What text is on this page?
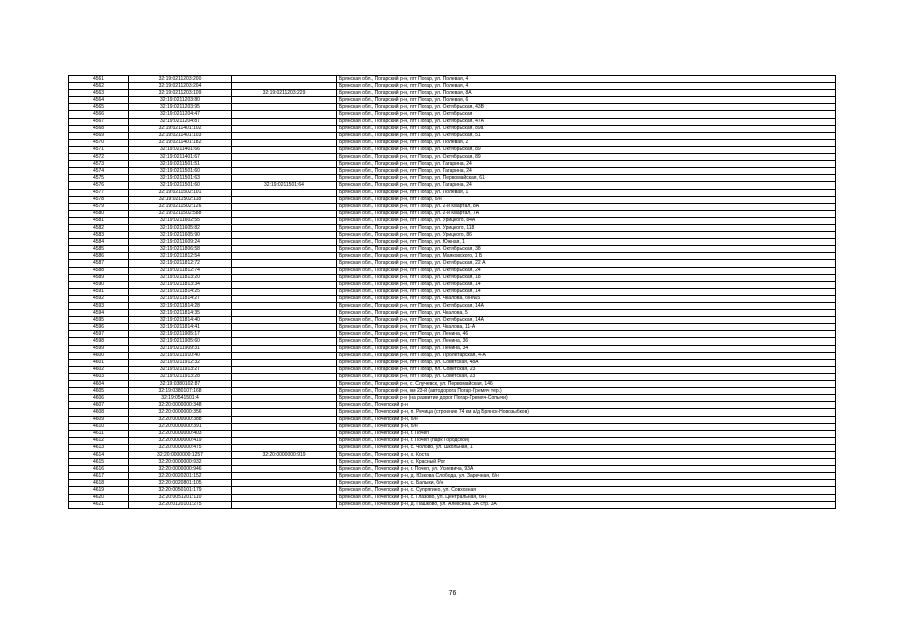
4561	32:19:0211203:200		Брянская обл., Погарский р-н, пгт Погар, ул. Полевая, 4
4562	32:19:0211203:204		Брянская обл., Погарский р-н, пгт Погар, ул. Полевая, 4
4563	32:19:0211203:109	32:19:0211203:229	Брянская обл., Погарский р-н, пгт Погар, ул. Полевая, 8А
4564	32:19:0211203:80		Брянская обл., Погарский р-н, пгт Погар, ул. Полевая, 6
4565	32:19:0211203:95		Брянская обл., Погарский р-н, пгт Погар, ул. Октябрьская, 43В
4566	32:19:0211204:47		Брянская обл., Погарский р-н, пгт Погар, ул. Октябрьская
4567	32:19:0211204:87		Брянская обл., Погарский р-н, пгт Погар, ул. Октябрьская, 47А
4568	32:19:0211401:102		Брянская обл., Погарский р-н, пгт Погар, ул. Октябрьская, 89а
4569	32:19:0211401:103		Брянская обл., Погарский р-н, пгт Погар, ул. Октябрьская, 51
4570	32:19:0211401:182		Брянская обл., Погарский р-н, пгт Погар, ул. Полевая, 2
4571	32:19:0211401:66		Брянская обл., Погарский р-н, пгт Погар, ул. Октябрьская, 89
4572	32:19:0211401:67		Брянская обл., Погарский р-н, пгт Погар, ул. Октябрьская, 89
4573	32:19:0211501:51		Брянская обл., Погарский р-н, пгт Погар, ул. Гагарина, 24
4574	32:19:0211501:60		Брянская обл., Погарский р-н, пгт Погар, ул. Гагарина, 24
4575	32:19:0211501:63		Брянская обл., Погарский р-н, пгт Погар, ул. Первомайская, 61
4576	32:19:0211501:60	32:19:0211501:64	Брянская обл., Погарский р-н, пгт Погар, ул. Гагарина, 24
4577	32:19:0211502:101		Брянская обл., Погарский р-н, пгт Погар, ул. Полевая, 1
4578	32:19:0211502:118		Брянская обл., Погарский р-н, пгт Погар, б/н
4579	32:19:0211502:126		Брянская обл., Погарский р-н, пгт Погар, ул. 2-й Квартал, 8А
4580	32:19:0211502:588		Брянская обл., Погарский р-н, пгт Погар, ул. 2-й Квартал, 7А
4581	32:19:0211602:55		Брянская обл., Погарский р-н, пгт Погар, ул. Урицкого, 84А
4582	32:19:0211605:82		Брянская обл., Погарский р-н, пгт Погар, ул. Урицкого, 118
4583	32:19:0211605:90		Брянская обл., Погарский р-н, пгт Погар, ул. Урицкого, 86
4584	32:19:0211609:24		Брянская обл., Погарский р-н, пгт Погар, ул. Южная, 1
4585	32:19:0211806:58		Брянская обл., Погарский р-н, пгт Погар, ул. Октябрьская, 38
4586	32:19:0211812:54		Брянская обл., Погарский р-н, пгт Погар, ул. Маяковского, 1 Б
4587	32:19:0211812:72		Брянская обл., Погарский р-н, пгт Погар, ул. Октябрьская, 22 А
4588	32:19:0211812:74		Брянская обл., Погарский р-н, пгт Погар, ул. Октябрьская, 24
4589	32:19:0211813:20		Брянская обл., Погарский р-н, пгт Погар, ул. Октябрьская, 18
4590	32:19:0211813:34		Брянская обл., Погарский р-н, пгт Погар, ул. Октябрьская, 14
4591	32:19:0211814:25		Брянская обл., Погарский р-н, пгт Погар, ул. Октябрьская, 14
4592	32:19:0211814:27		Брянская обл., Погарский р-н, пгт Погар, ул. Чкалова, б/н№5
4593	32:19:0211814:28		Брянская обл., Погарский р-н, пгт Погар, ул. Октябрьская, 14А
4594	32:19:0211814:35		Брянская обл., Погарский р-н, пгт Погар, ул. Чкалова, 5
4595	32:19:0211814:40		Брянская обл., Погарский р-н, пгт Погар, ул. Октябрьская, 14А
4596	32:19:0211814:41		Брянская обл., Погарский р-н, пгт Погар, ул. Чкалова, 11-А
4597	32:19:0211905:17		Брянская обл., Погарский р-н, пгт Погар, ул. Ленина, 46
4598	32:19:0211905:60		Брянская обл., Погарский р-н, пгт Погар, ул. Ленина, 36
4599	32:19:0211909:31		Брянская обл., Погарский р-н, пгт Погар, ул. Ленина, 34
4600	32:19:0211910:40		Брянская обл., Погарский р-н, пгт Погар, ул. Пролетарская, 4-А
4601	32:19:0211912:32		Брянская обл., Погарский р-н, пгт Погар, ул. Советская, 48А
4602	32:19:0211913:27		Брянская обл., Погарский р-н, пгт Погар, пл. Советская, 23
4603	32:19:0211913:28		Брянская обл., Погарский р-н, пгт Погар, ул. Советская, 23
4604	32:19:0380102:87		Брянская обл., Погарский р-н, с. Случевск, ул. Первомайская, 146
4605	32:19:0380107:168		Брянская обл., Погарский р-н, км 23-й (автодорога Погар-Гремяч тер.)
4606	32:19:0541501:4		Брянская обл., Погарский р-н (на развитие дорог Погар-Гремяч-Сопычи)
4607	32:20:0000000:348		Брянская обл., Почепский р-н
4608	32:20:0000000:356		Брянская обл., Почепский р-н, п. Речица (строение 74 км а/д Брянск-Новозыбков)
4609	32:20:0000000:388		Брянская обл., Почепский р-н, б/н
4610	32:20:0000000:391		Брянская обл., Почепский р-н, б/н
4611	32:20:0000000:403		Брянская обл., Почепский р-н, г. Почеп
4612	32:20:0000000:419		Брянская обл., Почепский р-н, г. Почеп (парк Городской)
4613	32:20:0000000:475		Брянская обл., Почепский р-н, с. Чолово, ул. Школьная, 1
4614	32:20:0000000:1257	32:20:0000000:919	Брянская обл., Почепский р-н, х. Коста
4615	32:20:0000000:932		Брянская обл., Почепский р-н, с. Красный Рог
4616	32:20:0000000:946		Брянская обл., Почепский р-н, г. Почеп, ул. Усиевича, 93А
4617	32:20:0020201:152		Брянская обл., Почепский р-н, д. Юзкова Слобода, ул. Заречная, б/н
4618	32:20:0020801:105		Брянская обл., Почепский р-н, с. Балыки, б/н
4619	32:20:0050101:179		Брянская обл., Почепский р-н, с. Супрягино, ул. Совхозная
4620	32:20:0051201:110		Брянская обл., Почепский р-н, с. Глазово, ул. Центральная, б/н
4621	32:20:0120101:275		Брянская обл., Почепский р-н, д. Пашково, ул. Алексина, 3А стр. 3А
76
